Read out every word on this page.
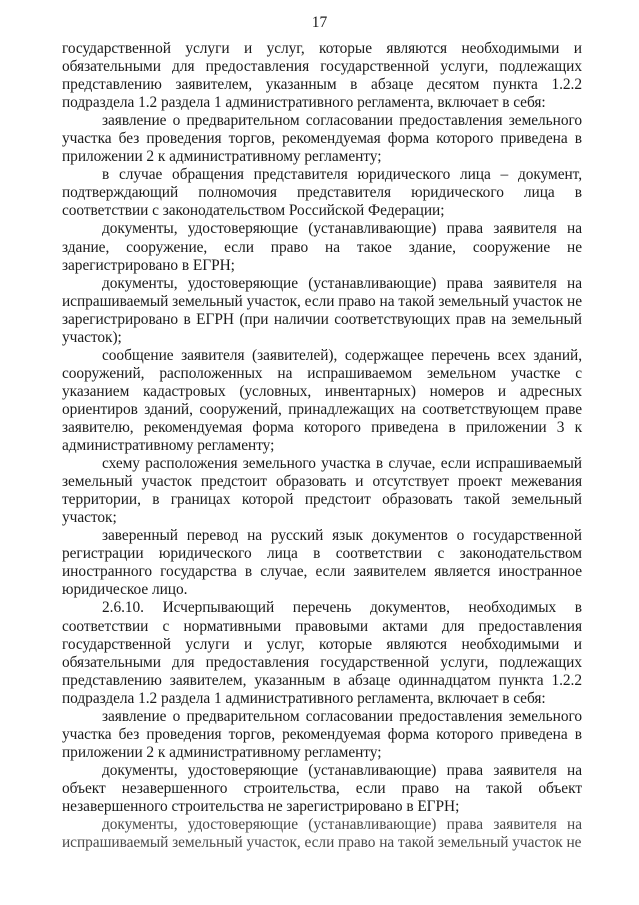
17

государственной услуги и услуг, которые являются необходимыми и обязательными для предоставления государственной услуги, подлежащих представлению заявителем, указанным в абзаце десятом пункта 1.2.2 подраздела 1.2 раздела 1 административного регламента, включает в себя:

заявление о предварительном согласовании предоставления земельного участка без проведения торгов, рекомендуемая форма которого приведена в приложении 2 к административному регламенту;

в случае обращения представителя юридического лица – документ, подтверждающий полномочия представителя юридического лица в соответствии с законодательством Российской Федерации;

документы, удостоверяющие (устанавливающие) права заявителя на здание, сооружение, если право на такое здание, сооружение не зарегистрировано в ЕГРН;

документы, удостоверяющие (устанавливающие) права заявителя на испрашиваемый земельный участок, если право на такой земельный участок не зарегистрировано в ЕГРН (при наличии соответствующих прав на земельный участок);

сообщение заявителя (заявителей), содержащее перечень всех зданий, сооружений, расположенных на испрашиваемом земельном участке с указанием кадастровых (условных, инвентарных) номеров и адресных ориентиров зданий, сооружений, принадлежащих на соответствующем праве заявителю, рекомендуемая форма которого приведена в приложении 3 к административному регламенту;

схему расположения земельного участка в случае, если испрашиваемый земельный участок предстоит образовать и отсутствует проект межевания территории, в границах которой предстоит образовать такой земельный участок;

заверенный перевод на русский язык документов о государственной регистрации юридического лица в соответствии с законодательством иностранного государства в случае, если заявителем является иностранное юридическое лицо.

2.6.10. Исчерпывающий перечень документов, необходимых в соответствии с нормативными правовыми актами для предоставления государственной услуги и услуг, которые являются необходимыми и обязательными для предоставления государственной услуги, подлежащих представлению заявителем, указанным в абзаце одиннадцатом пункта 1.2.2 подраздела 1.2 раздела 1 административного регламента, включает в себя:

заявление о предварительном согласовании предоставления земельного участка без проведения торгов, рекомендуемая форма которого приведена в приложении 2 к административному регламенту;

документы, удостоверяющие (устанавливающие) права заявителя на объект незавершенного строительства, если право на такой объект незавершенного строительства не зарегистрировано в ЕГРН;

документы, удостоверяющие (устанавливающие) права заявителя на испрашиваемый земельный участок, если право на такой земельный участок не
